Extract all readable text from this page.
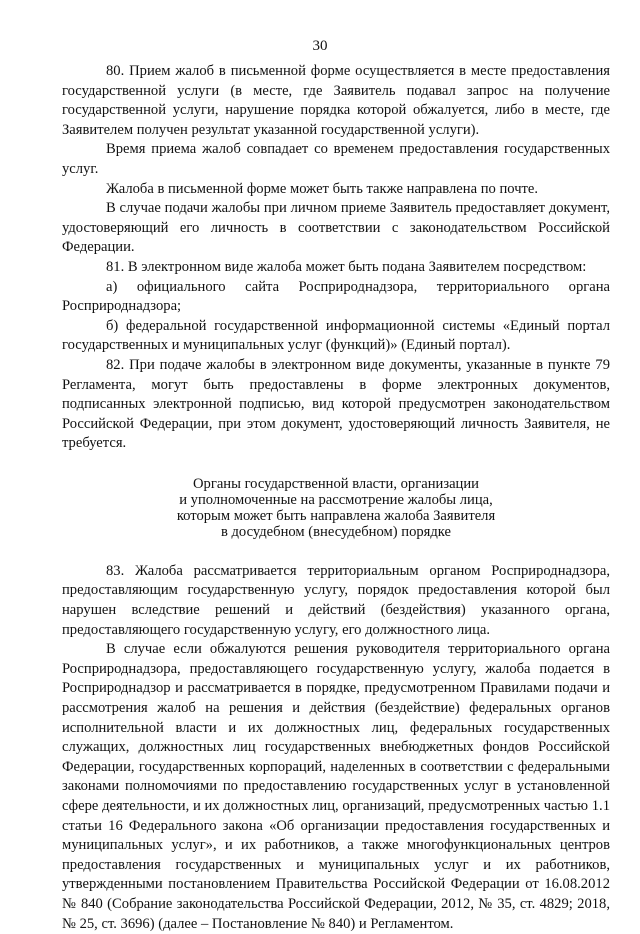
30

80. Прием жалоб в письменной форме осуществляется в месте предоставления государственной услуги (в месте, где Заявитель подавал запрос на получение государственной услуги, нарушение порядка которой обжалуется, либо в месте, где Заявителем получен результат указанной государственной услуги).

Время приема жалоб совпадает со временем предоставления государственных услуг.

Жалоба в письменной форме может быть также направлена по почте.

В случае подачи жалобы при личном приеме Заявитель предоставляет документ, удостоверяющий его личность в соответствии с законодательством Российской Федерации.

81. В электронном виде жалоба может быть подана Заявителем посредством:

а) официального сайта Росприроднадзора, территориального органа Росприроднадзора;

б) федеральной государственной информационной системы «Единый портал государственных и муниципальных услуг (функций)» (Единый портал).

82. При подаче жалобы в электронном виде документы, указанные в пункте 79 Регламента, могут быть предоставлены в форме электронных документов, подписанных электронной подписью, вид которой предусмотрен законодательством Российской Федерации, при этом документ, удостоверяющий личность Заявителя, не требуется.

Органы государственной власти, организации
и уполномоченные на рассмотрение жалобы лица,
которым может быть направлена жалоба Заявителя
в досудебном (внесудебном) порядке

83. Жалоба рассматривается территориальным органом Росприроднадзора, предоставляющим государственную услугу, порядок предоставления которой был нарушен вследствие решений и действий (бездействия) указанного органа, предоставляющего государственную услугу, его должностного лица.

В случае если обжалуются решения руководителя территориального органа Росприроднадзора, предоставляющего государственную услугу, жалоба подается в Росприроднадзор и рассматривается в порядке, предусмотренном Правилами подачи и рассмотрения жалоб на решения и действия (бездействие) федеральных органов исполнительной власти и их должностных лиц, федеральных государственных служащих, должностных лиц государственных внебюджетных фондов Российской Федерации, государственных корпораций, наделенных в соответствии с федеральными законами полномочиями по предоставлению государственных услуг в установленной сфере деятельности, и их должностных лиц, организаций, предусмотренных частью 1.1 статьи 16 Федерального закона «Об организации предоставления государственных и муниципальных услуг», и их работников, а также многофункциональных центров предоставления государственных и муниципальных услуг и их работников, утвержденными постановлением Правительства Российской Федерации от 16.08.2012 № 840 (Собрание законодательства Российской Федерации, 2012, № 35, ст. 4829; 2018, № 25, ст. 3696) (далее – Постановление № 840) и Регламентом.
